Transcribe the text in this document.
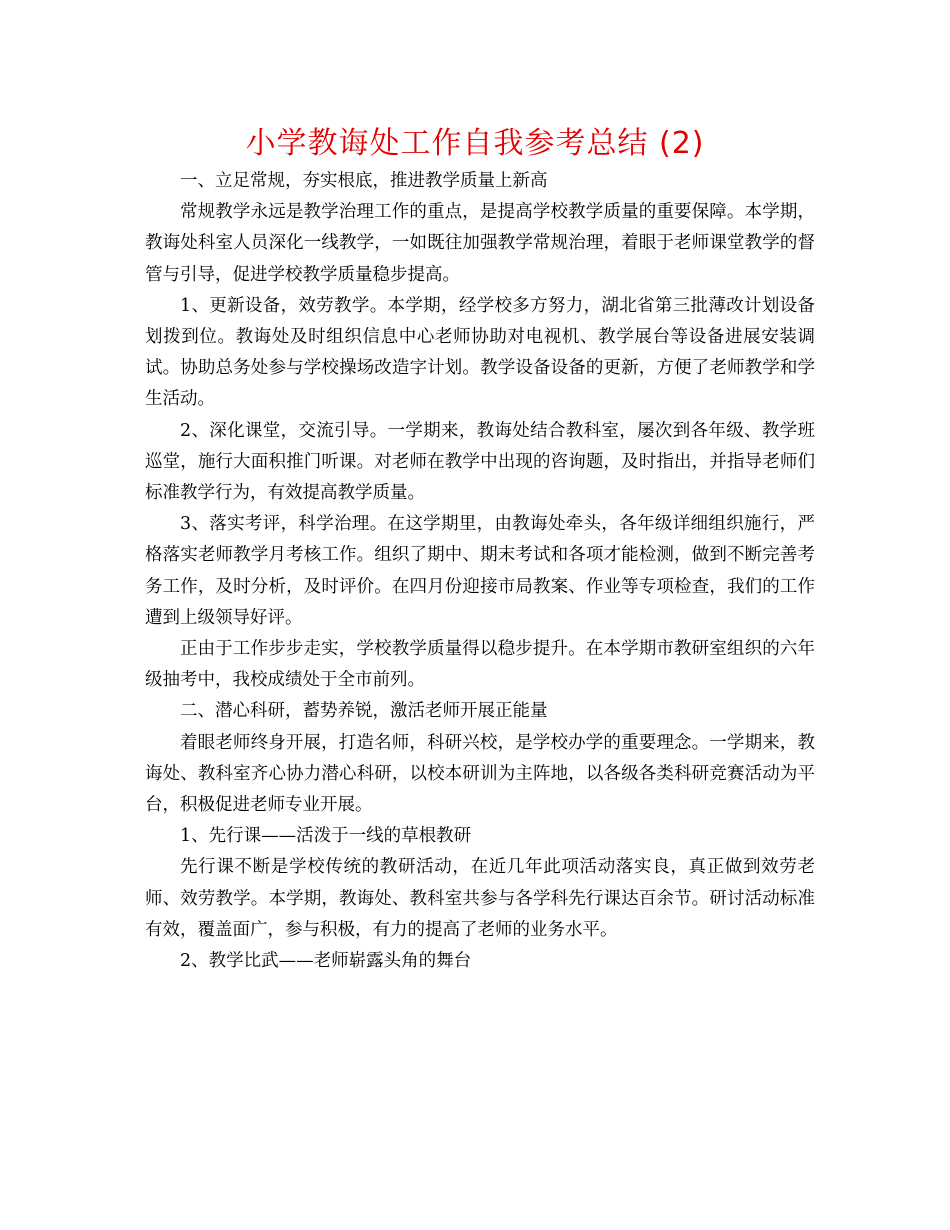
小学教诲处工作自我参考总结 (2)

一、立足常规，夯实根底，推进教学质量上新高

常规教学永远是教学治理工作的重点，是提高学校教学质量的重要保障。本学期，教诲处科室人员深化一线教学，一如既往加强教学常规治理，着眼于老师课堂教学的督管与引导，促进学校教学质量稳步提高。

1、更新设备，效劳教学。本学期，经学校多方努力，湖北省第三批薄改计划设备划拨到位。教诲处及时组织信息中心老师协助对电视机、教学展台等设备进展安装调试。协助总务处参与学校操场改造字计划。教学设备设备的更新，方便了老师教学和学生活动。

2、深化课堂，交流引导。一学期来，教诲处结合教科室，屡次到各年级、教学班巡堂，施行大面积推门听课。对老师在教学中出现的咨询题，及时指出，并指导老师们标准教学行为，有效提高教学质量。

3、落实考评，科学治理。在这学期里，由教诲处牵头，各年级详细组织施行，严格落实老师教学月考核工作。组织了期中、期末考试和各项才能检测，做到不断完善考务工作，及时分析，及时评价。在四月份迎接市局教案、作业等专项检查，我们的工作遭到上级领导好评。

正由于工作步步走实，学校教学质量得以稳步提升。在本学期市教研室组织的六年级抽考中，我校成绩处于全市前列。

二、潜心科研，蓄势养锐，激活老师开展正能量

着眼老师终身开展，打造名师，科研兴校，是学校办学的重要理念。一学期来，教诲处、教科室齐心协力潜心科研，以校本研训为主阵地，以各级各类科研竞赛活动为平台，积极促进老师专业开展。

1、先行课——活泼于一线的草根教研

先行课不断是学校传统的教研活动，在近几年此项活动落实良，真正做到效劳老师、效劳教学。本学期，教诲处、教科室共参与各学科先行课达百余节。研讨活动标准有效，覆盖面广，参与积极，有力的提高了老师的业务水平。

2、教学比武——老师崭露头角的舞台
